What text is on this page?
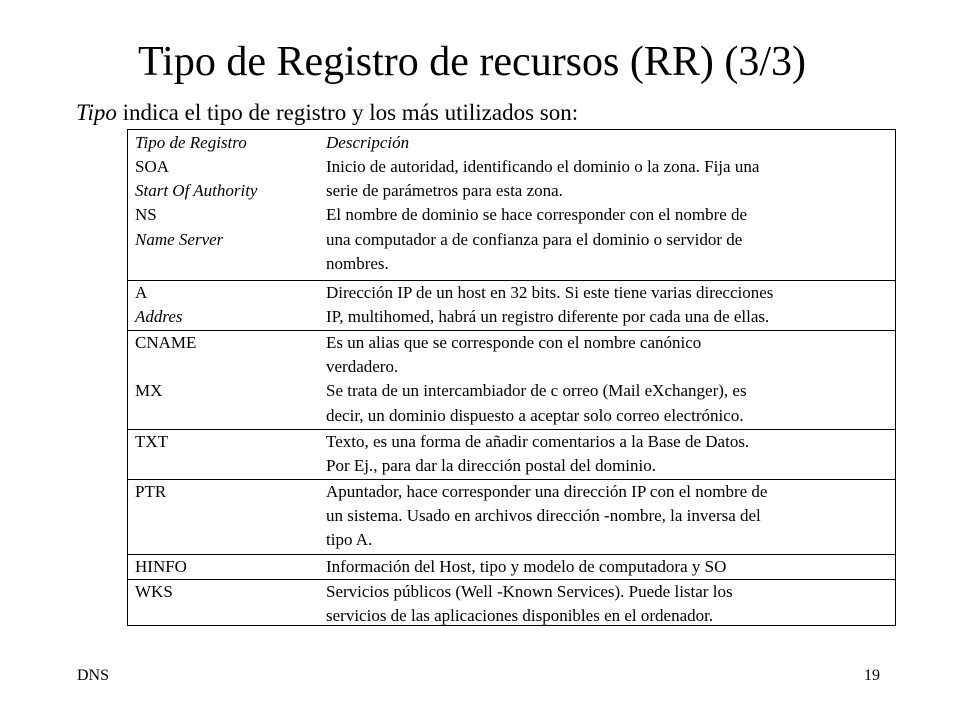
Tipo de Registro de recursos (RR) (3/3)
Tipo indica el tipo de registro y los más utilizados son:
Tipo de Registro	Descripción
SOA	Inicio de autoridad, identificando el dominio o la zona. Fija una
Start Of Authority	serie de parámetros para esta zona.
NS	El nombre de dominio se hace corresponder con el nombre de
Name Server	una computador a de confianza para el dominio o servidor de
nombres.
A	Dirección IP de un host en 32 bits. Si este tiene varias direcciones
Addres	IP, multihomed, habrá un registro diferente por cada una de ellas.
CNAME	Es un alias que se corresponde con el nombre canónico
verdadero.
MX	Se trata de un intercambiador de c orreo (Mail eXchanger), es
decir, un dominio dispuesto a aceptar solo correo electrónico.
TXT	Texto, es una forma de añadir comentarios a la Base de Datos.
Por Ej., para dar la dirección postal del dominio.
PTR	Apuntador, hace corresponder una dirección IP con el nombre de
un sistema. Usado en archivos dirección -nombre, la inversa del
tipo A.
HINFO	Información del Host, tipo y modelo de computadora y SO
WKS	Servicios públicos (Well -Known Services). Puede listar los
servicios de las aplicaciones disponibles en el ordenador.
DNS	19
